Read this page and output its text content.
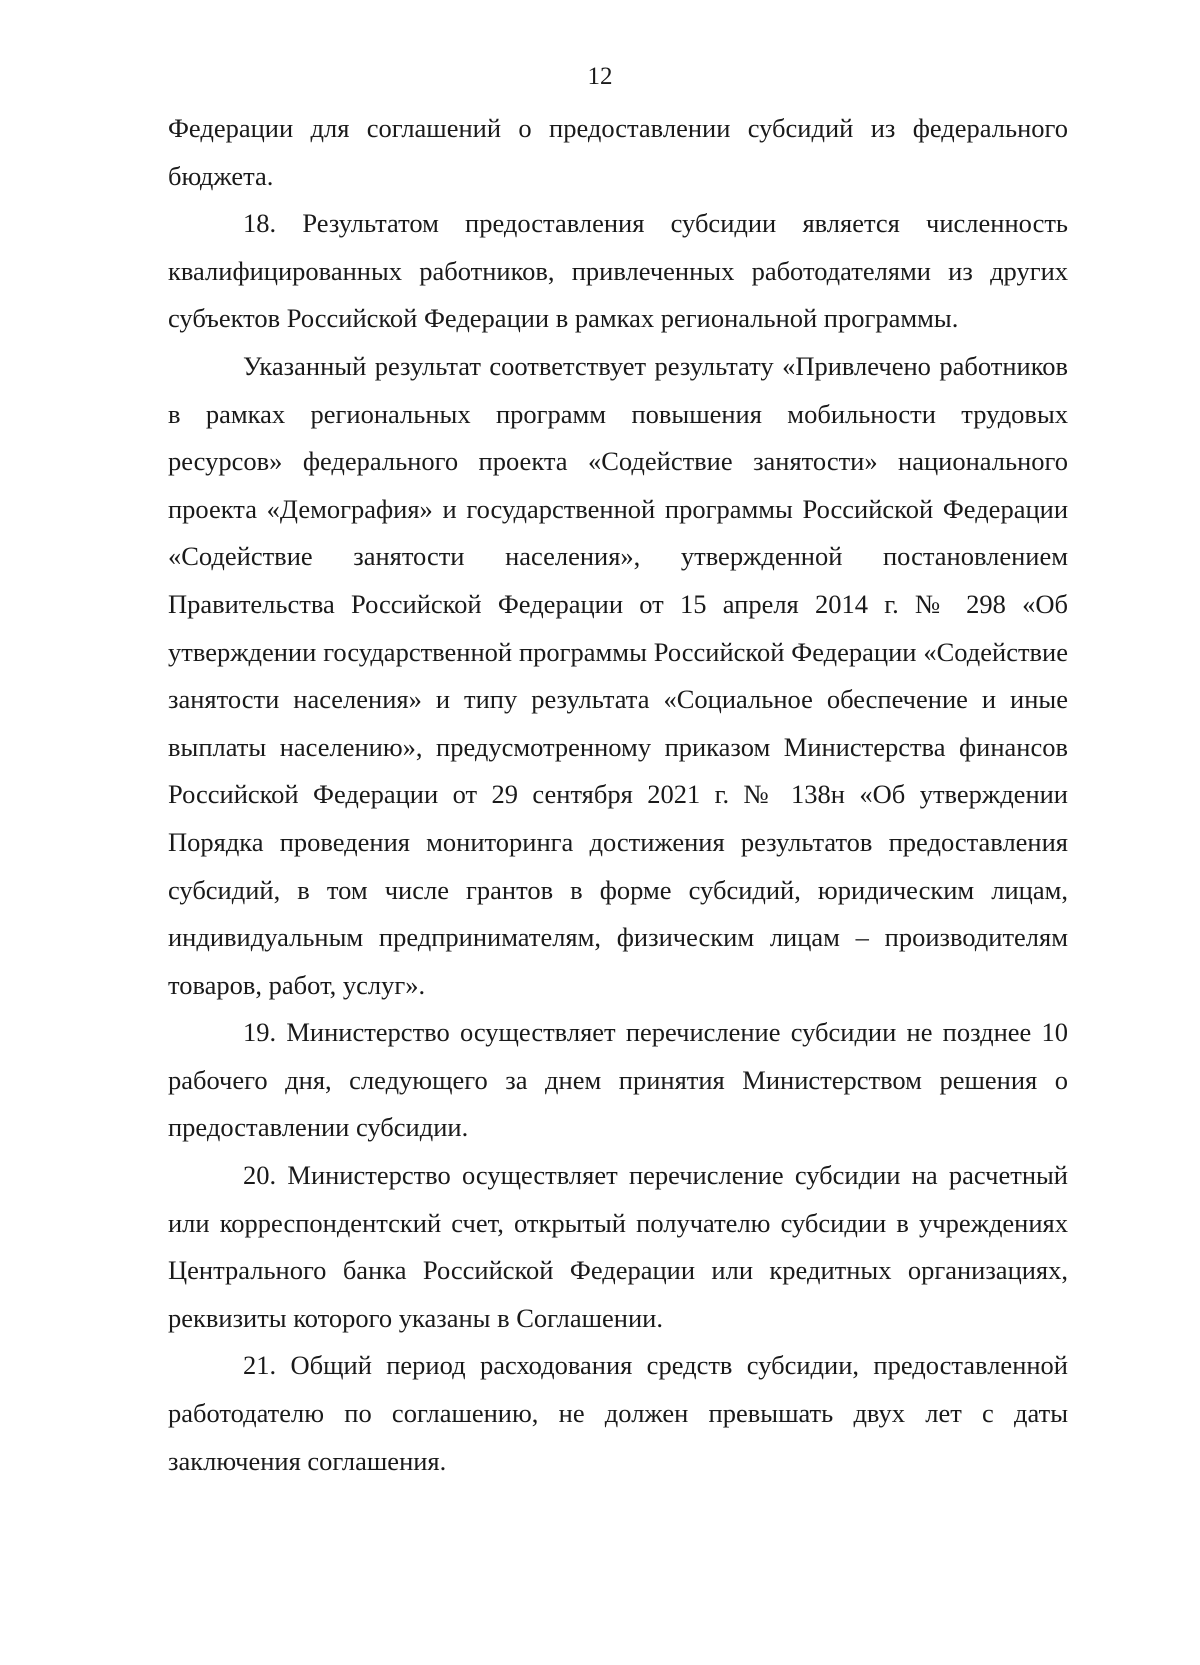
12

Федерации для соглашений о предоставлении субсидий из федерального бюджета.

18. Результатом предоставления субсидии является численность квалифицированных работников, привлеченных работодателями из других субъектов Российской Федерации в рамках региональной программы.

Указанный результат соответствует результату «Привлечено работников в рамках региональных программ повышения мобильности трудовых ресурсов» федерального проекта «Содействие занятости» национального проекта «Демография» и государственной программы Российской Федерации «Содействие занятости населения», утвержденной постановлением Правительства Российской Федерации от 15 апреля 2014 г. № 298 «Об утверждении государственной программы Российской Федерации «Содействие занятости населения» и типу результата «Социальное обеспечение и иные выплаты населению», предусмотренному приказом Министерства финансов Российской Федерации от 29 сентября 2021 г. № 138н «Об утверждении Порядка проведения мониторинга достижения результатов предоставления субсидий, в том числе грантов в форме субсидий, юридическим лицам, индивидуальным предпринимателям, физическим лицам – производителям товаров, работ, услуг».

19. Министерство осуществляет перечисление субсидии не позднее 10 рабочего дня, следующего за днем принятия Министерством решения о предоставлении субсидии.

20. Министерство осуществляет перечисление субсидии на расчетный или корреспондентский счет, открытый получателю субсидии в учреждениях Центрального банка Российской Федерации или кредитных организациях, реквизиты которого указаны в Соглашении.

21. Общий период расходования средств субсидии, предоставленной работодателю по соглашению, не должен превышать двух лет с даты заключения соглашения.
